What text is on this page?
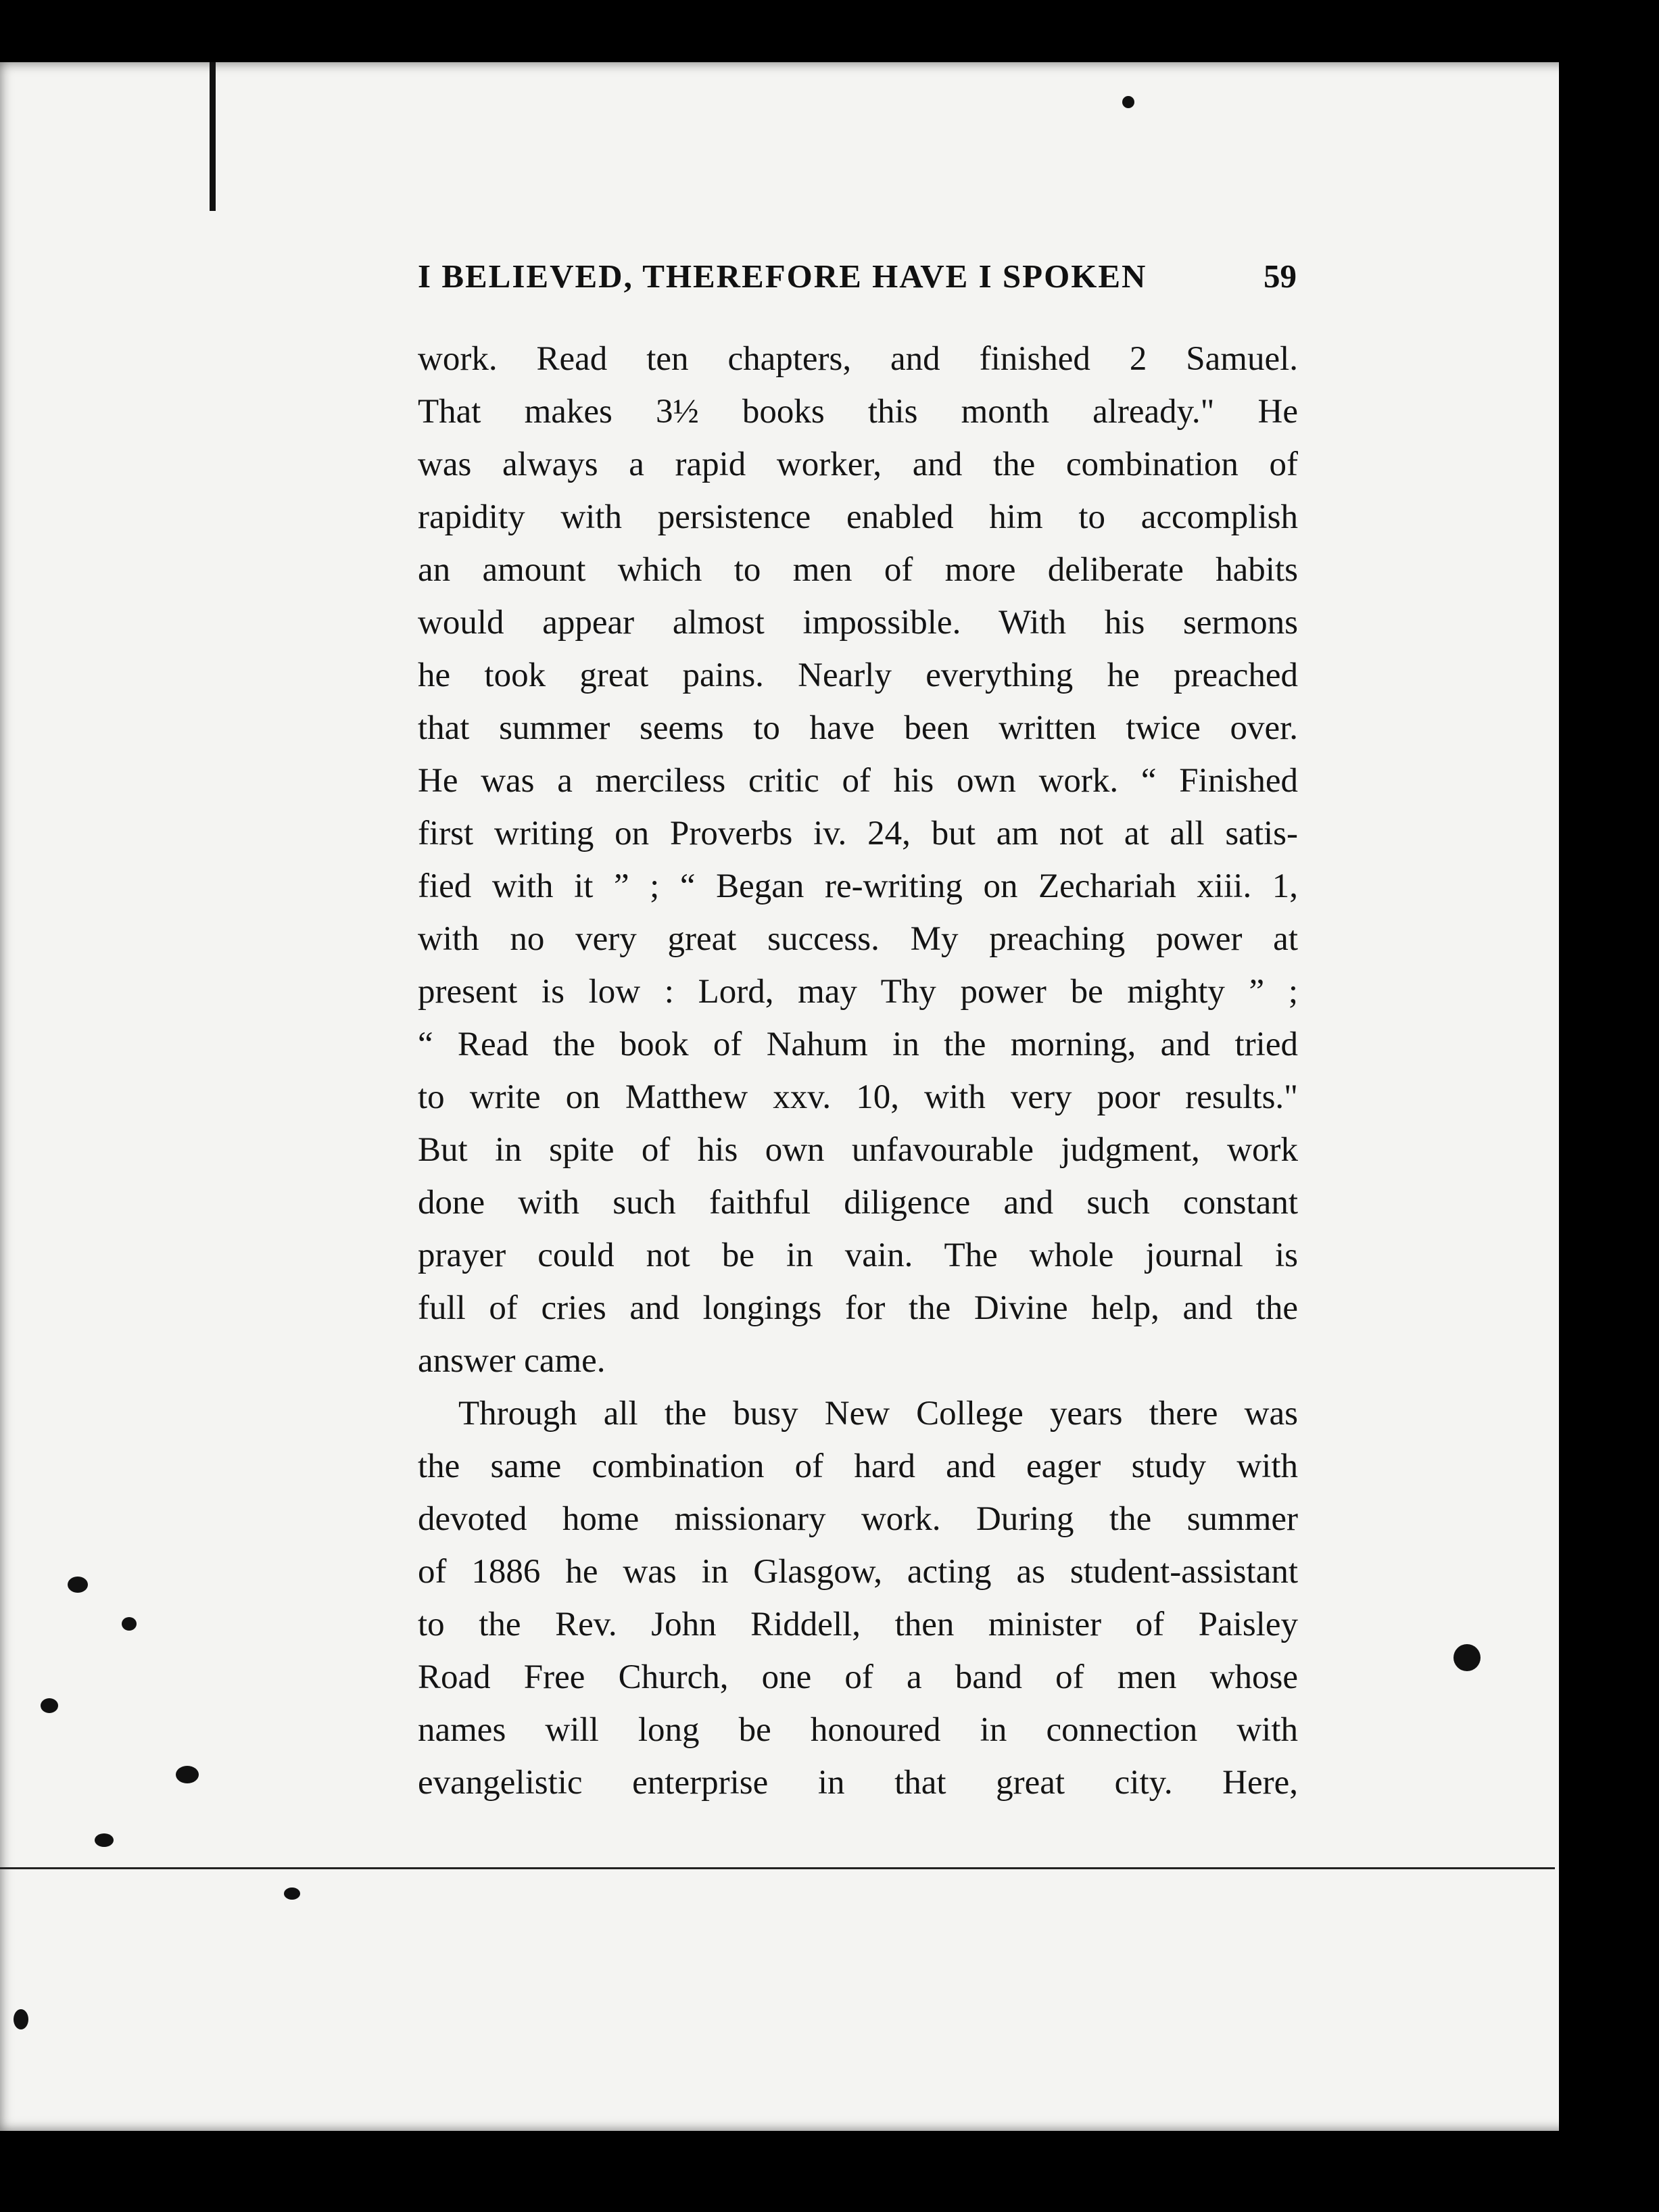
I BELIEVED, THEREFORE HAVE I SPOKEN	59
work. Read ten chapters, and finished 2 Samuel.
That makes 3½ books this month already." He
was always a rapid worker, and the combination of
rapidity with persistence enabled him to accomplish
an amount which to men of more deliberate habits
would appear almost impossible. With his sermons
he took great pains. Nearly everything he preached
that summer seems to have been written twice over.
He was a merciless critic of his own work. “ Finished
first writing on Proverbs iv. 24, but am not at all satis-
fied with it ” ; “ Began re-writing on Zechariah xiii. 1,
with no very great success. My preaching power at
present is low : Lord, may Thy power be mighty ” ;
“ Read the book of Nahum in the morning, and tried
to write on Matthew xxv. 10, with very poor results."
But in spite of his own unfavourable judgment, work
done with such faithful diligence and such constant
prayer could not be in vain. The whole journal is
full of cries and longings for the Divine help, and the
answer came.
Through all the busy New College years there was
the same combination of hard and eager study with
devoted home missionary work. During the summer
of 1886 he was in Glasgow, acting as student-assistant
to the Rev. John Riddell, then minister of Paisley
Road Free Church, one of a band of men whose
names will long be honoured in connection with
evangelistic enterprise in that great city. Here,
